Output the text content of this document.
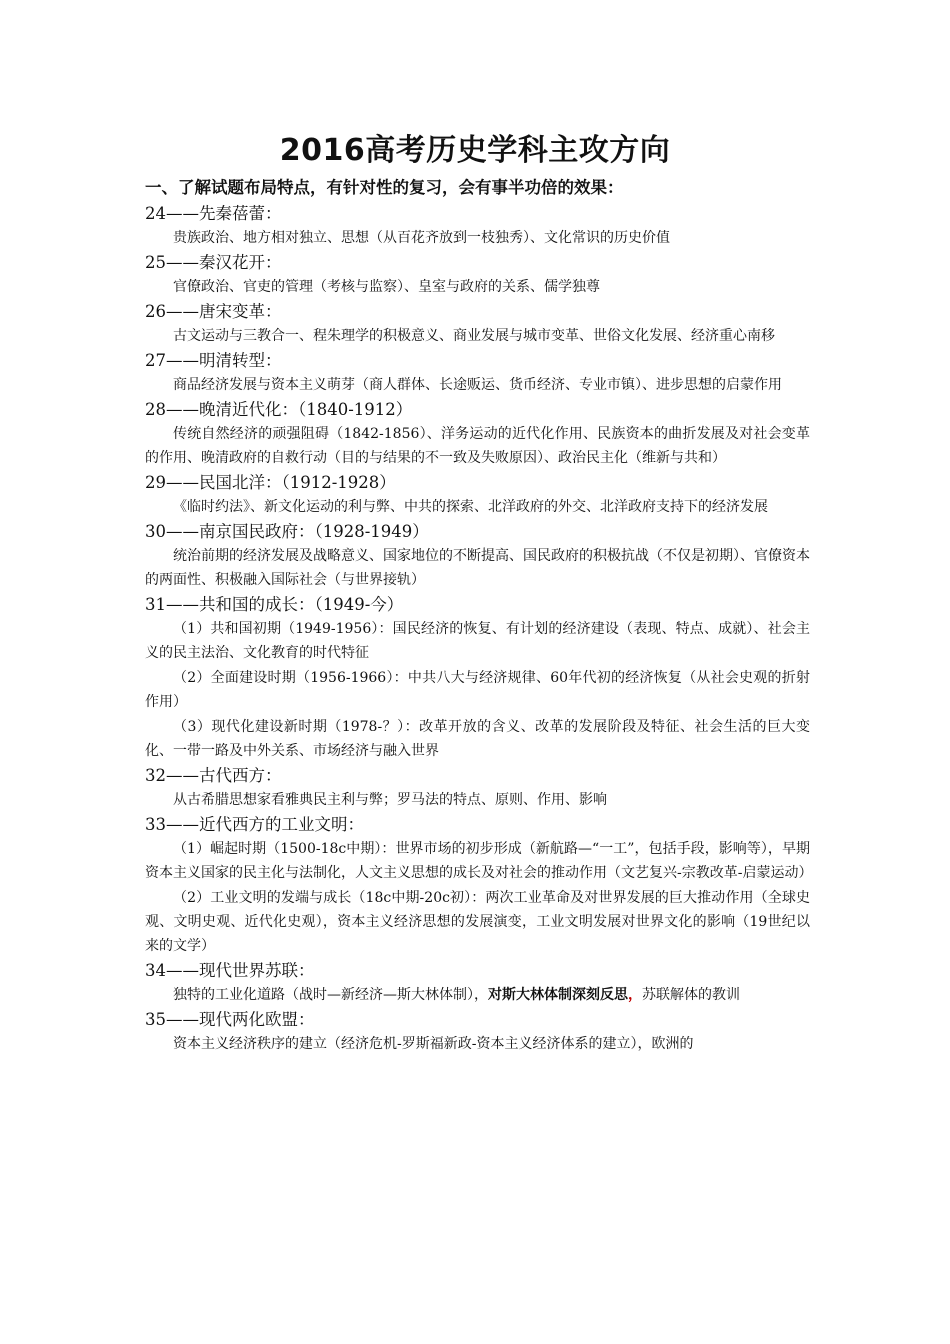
2016高考历史学科主攻方向

一、了解试题布局特点，有针对性的复习，会有事半功倍的效果：

24——先秦蓓蕾：

贵族政治、地方相对独立、思想（从百花齐放到一枝独秀）、文化常识的历史价值

25——秦汉花开：

官僚政治、官吏的管理（考核与监察）、皇室与政府的关系、儒学独尊

26——唐宋变革：

古文运动与三教合一、程朱理学的积极意义、商业发展与城市变革、世俗文化发展、经济重心南移

27——明清转型：

商品经济发展与资本主义萌芽（商人群体、长途贩运、货币经济、专业市镇）、进步思想的启蒙作用

28——晚清近代化：（1840-1912）

传统自然经济的顽强阻碍（1842-1856）、洋务运动的近代化作用、民族资本的曲折发展及对社会变革的作用、晚清政府的自救行动（目的与结果的不一致及失败原因）、政治民主化（维新与共和）

29——民国北洋：（1912-1928）

《临时约法》、新文化运动的利与弊、中共的探索、北洋政府的外交、北洋政府支持下的经济发展

30——南京国民政府：（1928-1949）

统治前期的经济发展及战略意义、国家地位的不断提高、国民政府的积极抗战（不仅是初期）、官僚资本的两面性、积极融入国际社会（与世界接轨）

31——共和国的成长：（1949-今）

（1）共和国初期（1949-1956）：国民经济的恢复、有计划的经济建设（表现、特点、成就）、社会主义的民主法治、文化教育的时代特征

（2）全面建设时期（1956-1966）：中共八大与经济规律、60年代初的经济恢复（从社会史观的折射作用）

（3）现代化建设新时期（1978-？）：改革开放的含义、改革的发展阶段及特征、社会生活的巨大变化、一带一路及中外关系、市场经济与融入世界

32——古代西方：

从古希腊思想家看雅典民主利与弊；罗马法的特点、原则、作用、影响

33——近代西方的工业文明：

（1）崛起时期（1500-18c中期）：世界市场的初步形成（新航路—“一工”，包括手段，影响等），早期资本主义国家的民主化与法制化，人文主义思想的成长及对社会的推动作用（文艺复兴-宗教改革-启蒙运动）

（2）工业文明的发端与成长（18c中期-20c初）：两次工业革命及对世界发展的巨大推动作用（全球史观、文明史观、近代化史观），资本主义经济思想的发展演变，工业文明发展对世界文化的影响（19世纪以来的文学）

34——现代世界苏联：

独特的工业化道路（战时—新经济—斯大林体制），对斯大林体制深刻反思，苏联解体的教训

35——现代两化欧盟：

资本主义经济秩序的建立（经济危机-罗斯福新政-资本主义经济体系的建立），欧洲的
